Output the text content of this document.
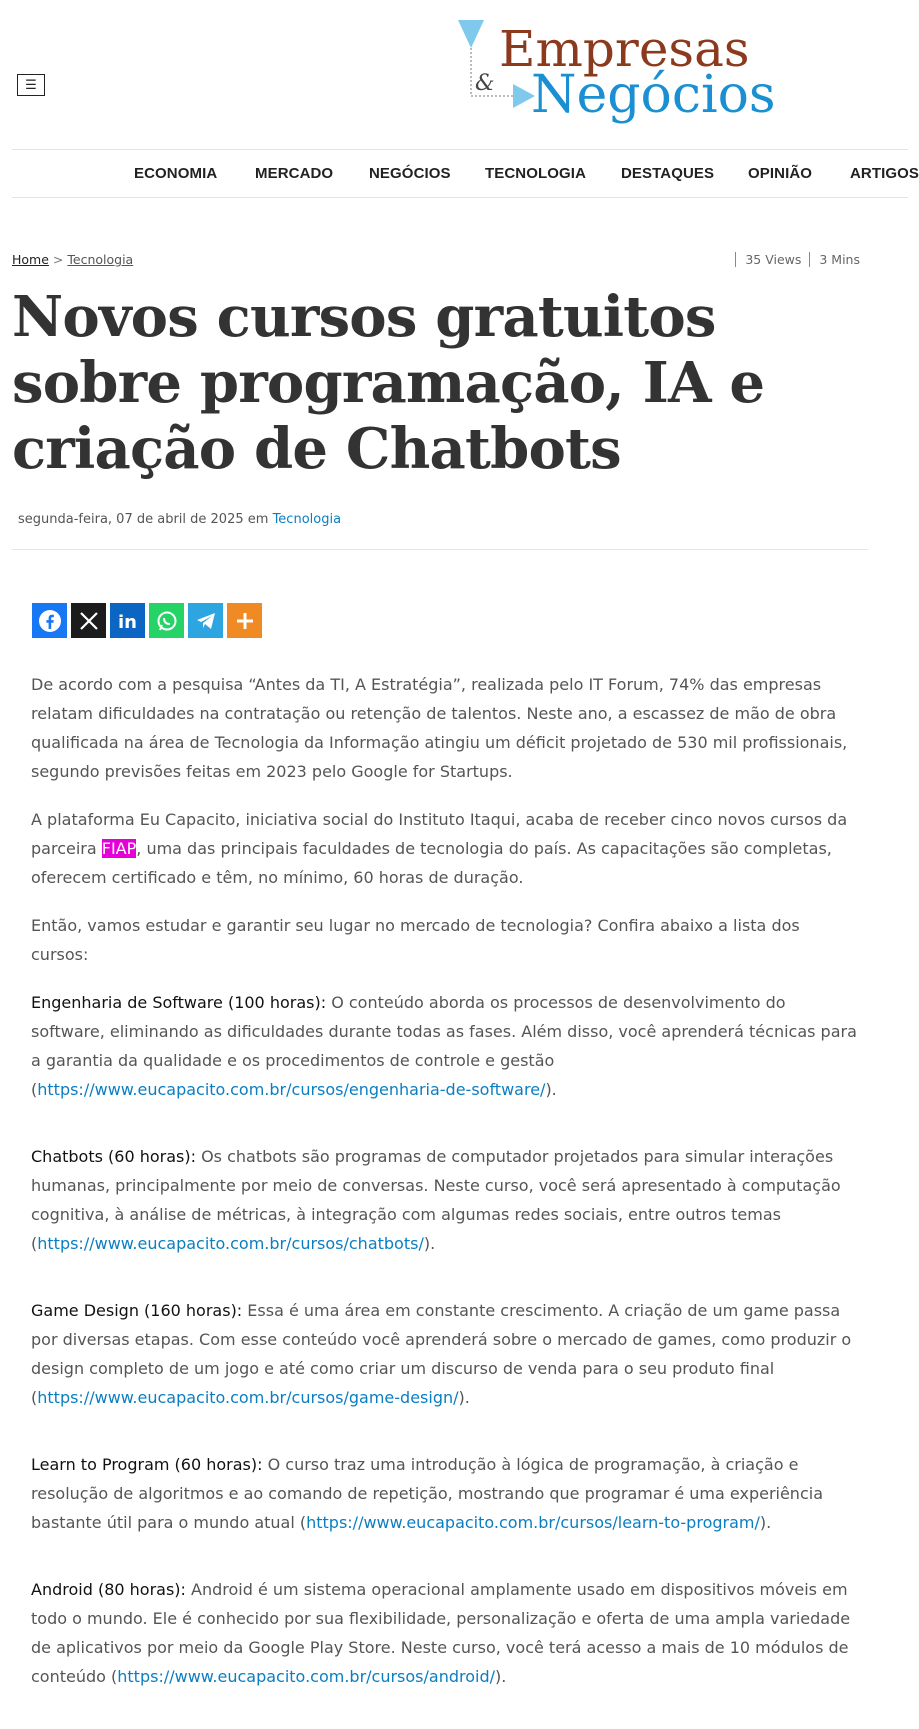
☰
Empresas
& Negócios
ECONOMIA	MERCADO NEGÓCIOS TECNOLOGIA DESTAQUES OPINIÃO	ARTIGOS
Home > Tecnologia	35 Views 3 Mins
Novos cursos gratuitos sobre programação, IA e criação de Chatbots
segunda-feira, 07 de abril de 2025 em Tecnologia
in

De acordo com a pesquisa “Antes da TI, A Estratégia”, realizada pelo IT Forum, 74% das empresas relatam dificuldades na contratação ou retenção de talentos. Neste ano, a escassez de mão de obra qualificada na área de Tecnologia da Informação atingiu um déficit projetado de 530 mil profissionais, segundo previsões feitas em 2023 pelo Google for Startups.

A plataforma Eu Capacito, iniciativa social do Instituto Itaqui, acaba de receber cinco novos cursos da parceira FIAP, uma das principais faculdades de tecnologia do país. As capacitações são completas, oferecem certificado e têm, no mínimo, 60 horas de duração.

Então, vamos estudar e garantir seu lugar no mercado de tecnologia? Confira abaixo a lista dos cursos:

Engenharia de Software (100 horas): O conteúdo aborda os processos de desenvolvimento do software, eliminando as dificuldades durante todas as fases. Além disso, você aprenderá técnicas para a garantia da qualidade e os procedimentos de controle e gestão (https://www.eucapacito.com.br/cursos/engenharia-de-software/).

Chatbots (60 horas): Os chatbots são programas de computador projetados para simular interações humanas, principalmente por meio de conversas. Neste curso, você será apresentado à computação cognitiva, à análise de métricas, à integração com algumas redes sociais, entre outros temas (https://www.eucapacito.com.br/cursos/chatbots/).

Game Design (160 horas): Essa é uma área em constante crescimento. A criação de um game passa por diversas etapas. Com esse conteúdo você aprenderá sobre o mercado de games, como produzir o design completo de um jogo e até como criar um discurso de venda para o seu produto final (https://www.eucapacito.com.br/cursos/game-design/).

Learn to Program (60 horas): O curso traz uma introdução à lógica de programação, à criação e resolução de algoritmos e ao comando de repetição, mostrando que programar é uma experiência bastante útil para o mundo atual (https://www.eucapacito.com.br/cursos/learn-to-program/).

Android (80 horas): Android é um sistema operacional amplamente usado em dispositivos móveis em todo o mundo. Ele é conhecido por sua flexibilidade, personalização e oferta de uma ampla variedade de aplicativos por meio da Google Play Store. Neste curso, você terá acesso a mais de 10 módulos de conteúdo (https://www.eucapacito.com.br/cursos/android/).
